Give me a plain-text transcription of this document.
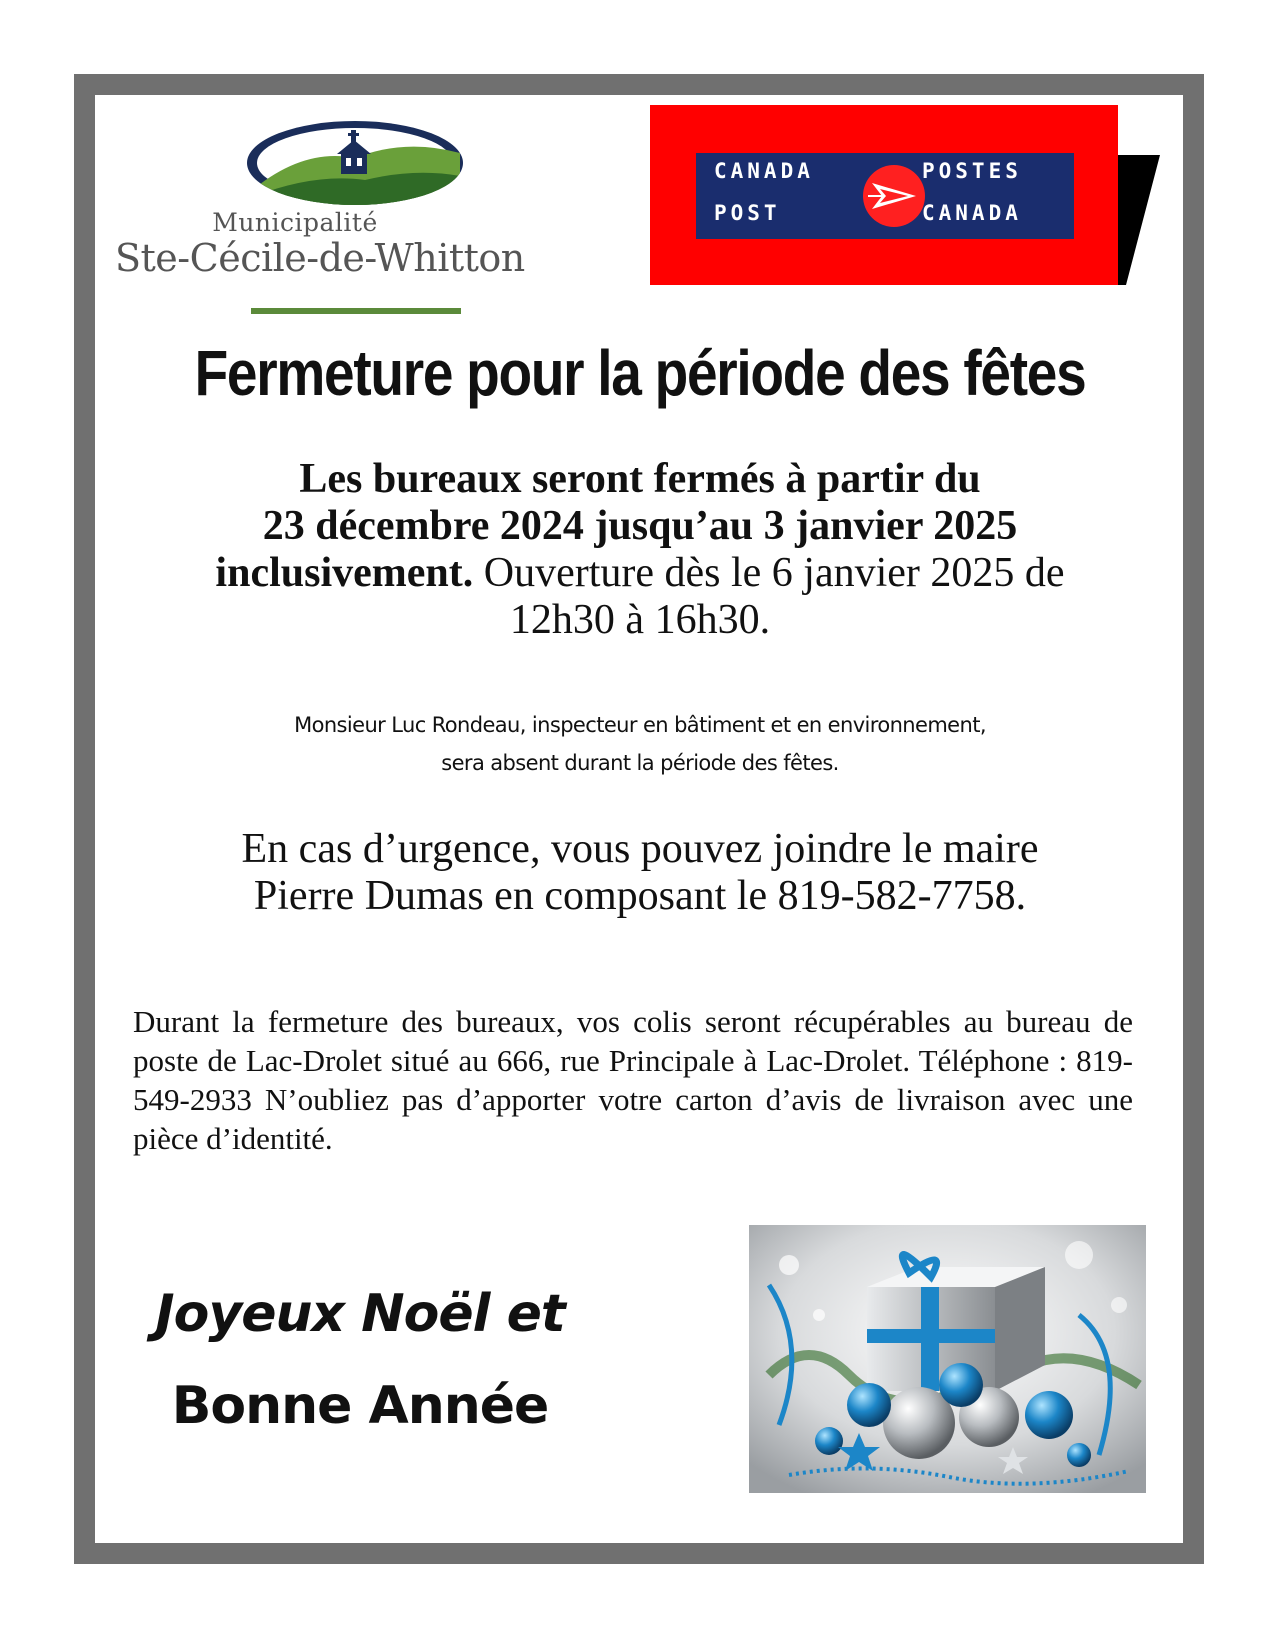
Municipalité
Ste-Cécile-de-Whitton
CANADA
POST
POSTES
CANADA
Fermeture pour la période des fêtes
Les bureaux seront fermés à partir du
23 décembre 2024 jusqu’au 3 janvier 2025
inclusivement. Ouverture dès le 6 janvier 2025 de
12h30 à 16h30.
Monsieur Luc Rondeau, inspecteur en bâtiment et en environnement,
sera absent durant la période des fêtes.
En cas d’urgence, vous pouvez joindre le maire
Pierre Dumas en composant le 819-582-7758.
Durant la fermeture des bureaux, vos colis seront récupérables au bureau de poste de Lac-Drolet situé au 666, rue Principale à Lac-Drolet. Téléphone : 819-549-2933 N’oubliez pas d’apporter votre carton d’avis de livraison avec une pièce d’identité.
Joyeux Noël et
Bonne Année
